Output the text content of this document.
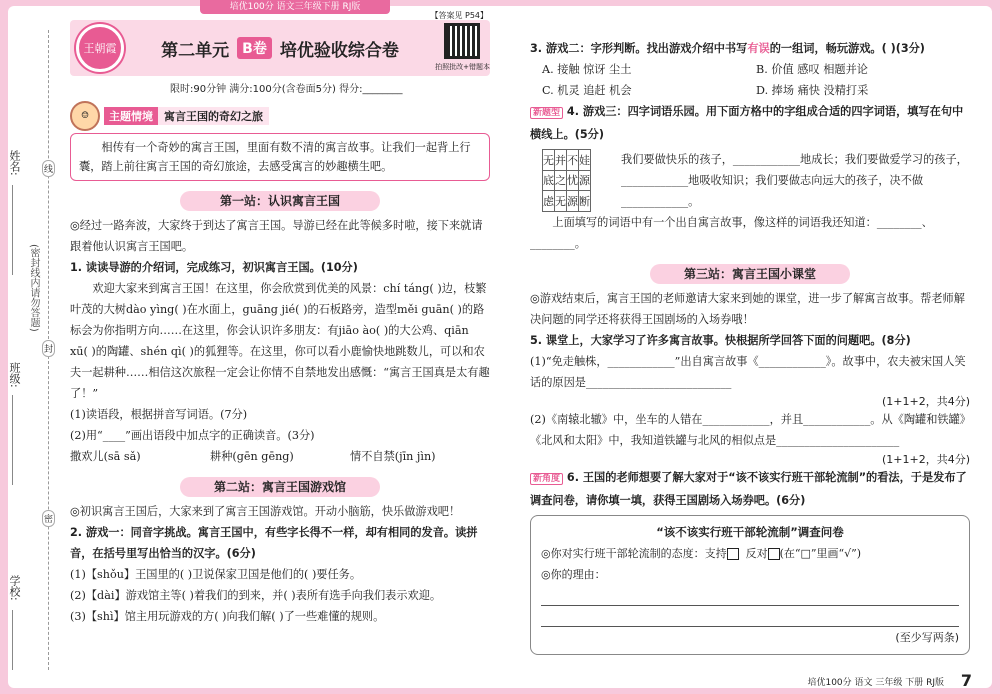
培优100分 语文三年级下册 RJ版
姓名:
班级:
学校:
线
封
密
(密封线内请勿答题)
王朝霞	第二单元 B卷 培优验收综合卷
【答案见 P54】
拍照批改+错题本
限时:90分钟 满分:100分(含卷面5分) 得分:________
☺	主题情境	寓言王国的奇幻之旅
相传有一个奇妙的寓言王国，里面有数不清的寓言故事。让我们一起背上行囊，踏上前往寓言王国的奇幻旅途，去感受寓言的妙趣横生吧。
第一站：认识寓言王国

◎经过一路奔波，大家终于到达了寓言王国。导游已经在此等候多时啦，接下来就请跟着他认识寓言王国吧。

1. 读读导游的介绍词，完成练习，初识寓言王国。(10分)

欢迎大家来到寓言王国！在这里，你会欣赏到优美的风景：chí táng( )边，枝繁叶茂的大树dào yìng( )在水面上，guāng jié( )的石板路旁，造型měi guān( )的路标会为你指明方向……在这里，你会认识许多朋友：有jiāo ào( )的大公鸡、qiān xū( )的陶罐、shén qì( )的狐狸等。在这里，你可以看小鹿愉快地跳数儿，可以和农夫一起耕种……相信这次旅程一定会让你情不自禁地发出感慨：“寓言王国真是太有趣了！”

(1)读语段，根据拼音写词语。(7分)

(2)用“____”画出语段中加点字的正确读音。(3分)

撒欢儿(sā sǎ)	耕种(gēn gēng)	情不自禁(jīn jìn)
第二站：寓言王国游戏馆

◎初识寓言王国后，大家来到了寓言王国游戏馆。开动小脑筋，快乐做游戏吧！

2. 游戏一：同音字挑战。寓言王国中，有些字长得不一样，却有相同的发音。读拼音，在括号里写出恰当的汉字。(6分)

(1)【shǒu】王国里的( )卫说保家卫国是他们的( )要任务。

(2)【dài】游戏馆主等( )着我们的到来，并( )表所有选手向我们表示欢迎。

(3)【shì】馆主用玩游戏的方( )向我们解( )了一些难懂的规则。

3. 游戏二：字形判断。找出游戏介绍中书写有误的一组词，畅玩游戏。( )(3分)

A. 接触 惊讶 尘土	B. 价值 感叹 相题并论
C. 机灵 追赶 机会	D. 捧场 痛快 没精打采

新题型 4. 游戏三：四字词语乐园。用下面方格中的字组成合适的四字词语，填写在句中横线上。(5分)

无	并	不	娃
底	之	忧	源
虑	无	源	断

我们要做快乐的孩子，____________地成长；我们要做爱学习的孩子，____________地吸收知识；我们要做志向远大的孩子，决不做____________。

上面填写的词语中有一个出自寓言故事，像这样的词语我还知道：________、________。

第三站：寓言王国小课堂

◎游戏结束后，寓言王国的老师邀请大家来到她的课堂，进一步了解寓言故事。帮老师解决问题的同学还将获得王国剧场的入场券哦！

5. 课堂上，大家学习了许多寓言故事。快根据所学回答下面的问题吧。(8分)

(1)“免走触株，____________”出自寓言故事《____________》。故事中，农夫被宋国人笑话的原因是__________________________

(1+1+2，共4分)

(2)《南辕北辙》中，坐车的人错在____________，并且____________。从《陶罐和铁罐》《北风和太阳》中，我知道铁罐与北风的相似点是______________________

(1+1+2，共4分)

新角度 6. 王国的老师想要了解大家对于“该不该实行班干部轮流制”的看法，于是发布了调查问卷，请你填一填，获得王国剧场入场券吧。(6分)

“该不该实行班干部轮流制”调查问卷
◎你对实行班干部轮流制的态度：支持 反对 (在“□”里画“√”)
◎你的理由：
(至少写两条)
培优100分 语文 三年级 下册 RJ版 7
